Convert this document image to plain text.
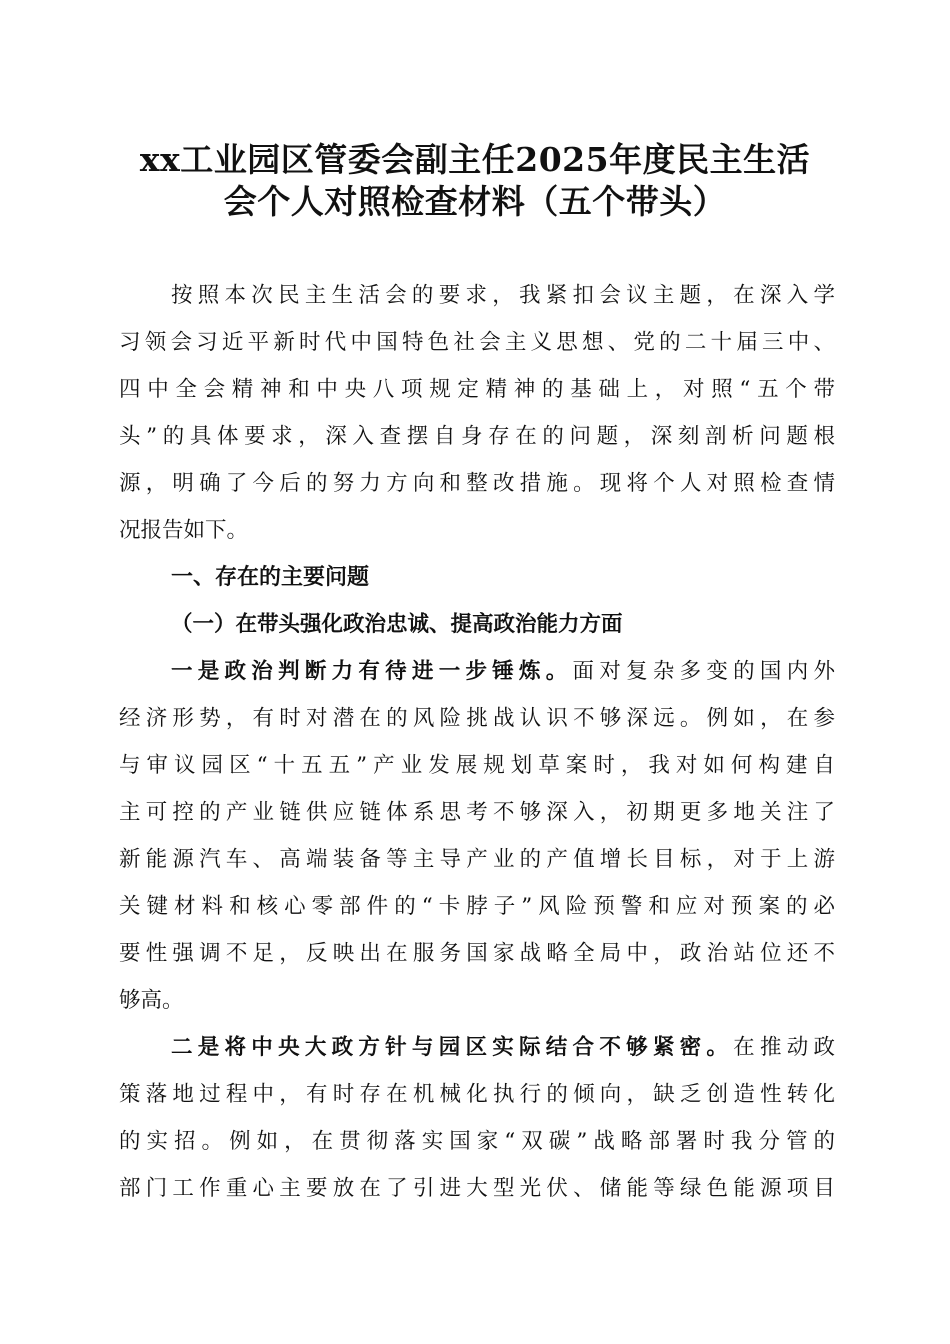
xx工业园区管委会副主任2025年度民主生活
会个人对照检查材料（五个带头）

按照本次民主生活会的要求，我紧扣会议主题，在深入学

习领会习近平新时代中国特色社会主义思想、党的二十届三中、

四中全会精神和中央八项规定精神的基础上，对照“五个带

头”的具体要求，深入查摆自身存在的问题，深刻剖析问题根

源，明确了今后的努力方向和整改措施。现将个人对照检查情

况报告如下。

一、存在的主要问题
（一）在带头强化政治忠诚、提高政治能力方面

一是政治判断力有待进一步锤炼。面对复杂多变的国内外

经济形势，有时对潜在的风险挑战认识不够深远。例如，在参

与审议园区“十五五”产业发展规划草案时，我对如何构建自

主可控的产业链供应链体系思考不够深入，初期更多地关注了

新能源汽车、高端装备等主导产业的产值增长目标，对于上游

关键材料和核心零部件的“卡脖子”风险预警和应对预案的必

要性强调不足，反映出在服务国家战略全局中，政治站位还不

够高。

二是将中央大政方针与园区实际结合不够紧密。在推动政

策落地过程中，有时存在机械化执行的倾向，缺乏创造性转化

的实招。例如，在贯彻落实国家“双碳”战略部署时我分管的

部门工作重心主要放在了引进大型光伏、储能等绿色能源项目
